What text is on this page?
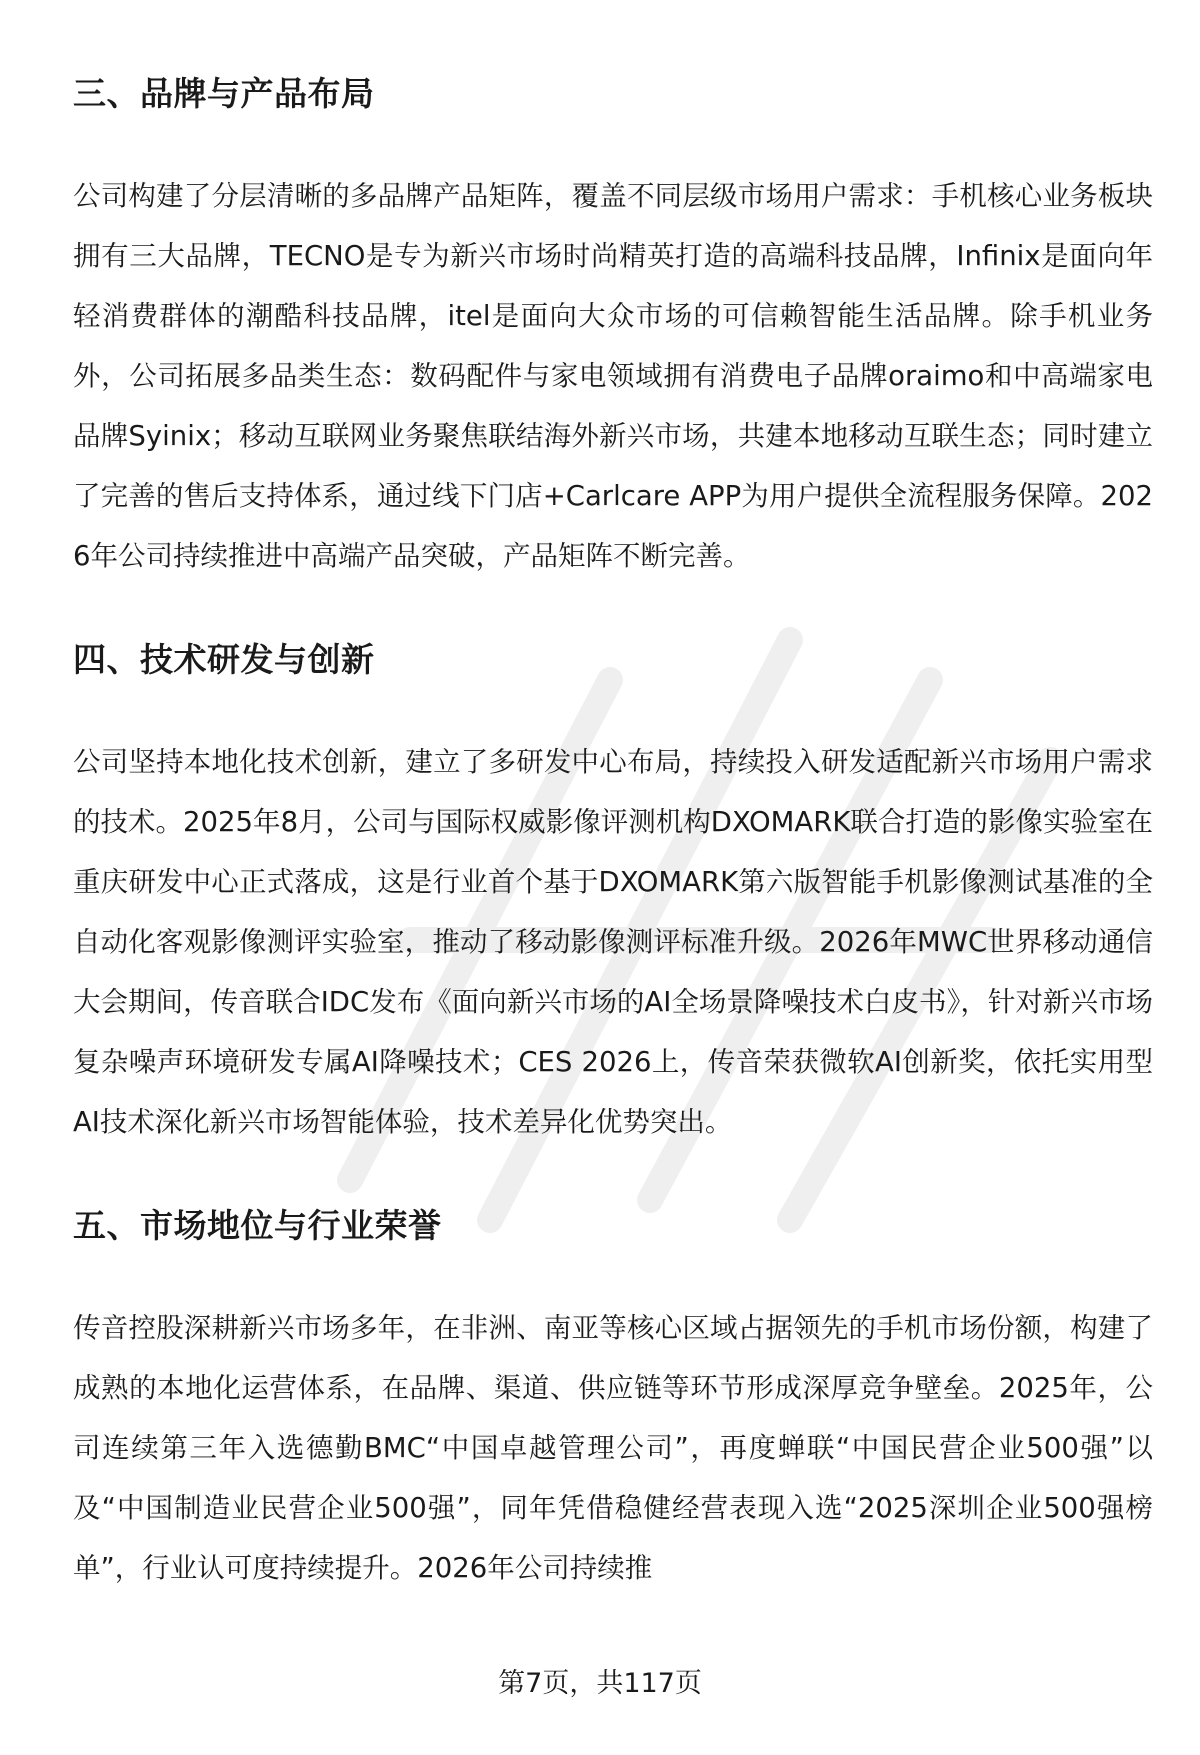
三、品牌与产品布局

公司构建了分层清晰的多品牌产品矩阵，覆盖不同层级市场用户需求：手机核心业务板块拥有三大品牌，TECNO是专为新兴市场时尚精英打造的高端科技品牌，Infinix是面向年轻消费群体的潮酷科技品牌，itel是面向大众市场的可信赖智能生活品牌。除手机业务外，公司拓展多品类生态：数码配件与家电领域拥有消费电子品牌oraimo和中高端家电品牌Syinix；移动互联网业务聚焦联结海外新兴市场，共建本地移动互联生态；同时建立了完善的售后支持体系，通过线下门店+Carlcare APP为用户提供全流程服务保障。2026年公司持续推进中高端产品突破，产品矩阵不断完善。

四、技术研发与创新

公司坚持本地化技术创新，建立了多研发中心布局，持续投入研发适配新兴市场用户需求的技术。2025年8月，公司与国际权威影像评测机构DXOMARK联合打造的影像实验室在重庆研发中心正式落成，这是行业首个基于DXOMARK第六版智能手机影像测试基准的全自动化客观影像测评实验室，推动了移动影像测评标准升级。2026年MWC世界移动通信大会期间，传音联合IDC发布《面向新兴市场的AI全场景降噪技术白皮书》，针对新兴市场复杂噪声环境研发专属AI降噪技术；CES 2026上，传音荣获微软AI创新奖，依托实用型AI技术深化新兴市场智能体验，技术差异化优势突出。

五、市场地位与行业荣誉

传音控股深耕新兴市场多年，在非洲、南亚等核心区域占据领先的手机市场份额，构建了成熟的本地化运营体系，在品牌、渠道、供应链等环节形成深厚竞争壁垒。2025年，公司连续第三年入选德勤BMC“中国卓越管理公司”，再度蝉联“中国民营企业500强”以及“中国制造业民营企业500强”，同年凭借稳健经营表现入选“2025深圳企业500强榜单”，行业认可度持续提升。2026年公司持续推

第7页，共117页
